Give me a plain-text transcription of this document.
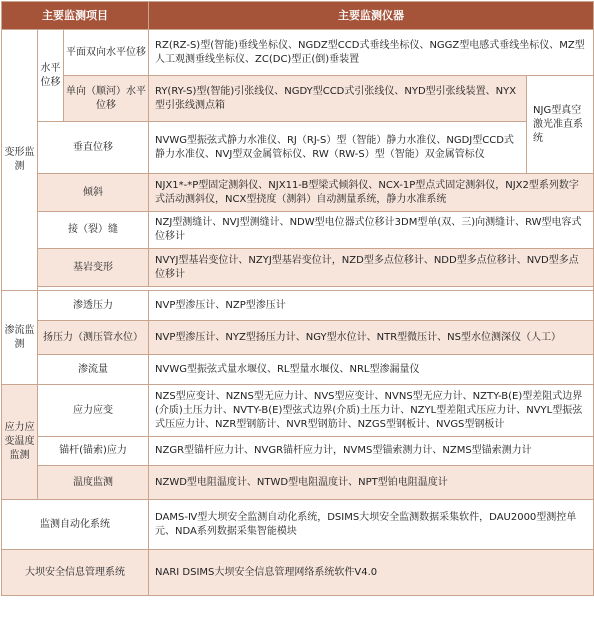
主要监测项目			主要监测仪器	
变形监测	水平位移	平面双向水平位移	RZ(RZ-S)型(智能)垂线坐标仪、NGDZ型CCD式垂线坐标仪、NGGZ型电感式垂线坐标仪、MZ型人工观测垂线坐标仪、ZC(DC)型正(倒)垂装置	
		单向（顺河）水平位移	RY(RY-S)型(智能)引张线仪、NGDY型CCD式引张线仪、NYD型引张线装置、NYX型引张线测点箱	NJG型真空激光准直系统
	垂直位移		NVWG型振弦式静力水准仪、RJ（RJ-S）型（智能）静力水准仪、NGDJ型CCD式静力水准仪、NVJ型双金属管标仪、RW（RW-S）型（智能）双金属管标仪	
	倾斜		NJX1*-*P型固定测斜仪、NJX11-B型梁式倾斜仪、NCX-1P型点式固定测斜仪，NJX2型系列数字式活动测斜仪，NCX型挠度（测斜）自动测量系统，静力水准系统	
	接（裂）缝		NZJ型测缝计、NVJ型测缝计、NDW型电位器式位移计3DM型单(双、三)向测缝计、RW型电容式位移计	
	基岩变形		NVYJ型基岩变位计、NZYJ型基岩变位计，NZD型多点位移计、NDD型多点位移计、NVD型多点位移计	

渗流监测	渗透压力		NVP型渗压计、NZP型渗压计	
	扬压力（测压管水位）		NVP型渗压计、NYZ型扬压力计、NGY型水位计、NTR型微压计、NS型水位测深仪（人工）	
	渗流量		NVWG型振弦式量水堰仪、RL型量水堰仪、NRL型渗漏量仪	
应力应变温度监测	应力应变		NZS型应变计、NZNS型无应力计、NVS型应变计、NVNS型无应力计、NZTY-B(E)型差阻式边界(介质)土压力计、NVTY-B(E)型弦式边界(介质)土压力计、NZYL型差阻式压应力计、NVYL型振弦式压应力计、NZR型钢筋计、NVR型钢筋计、NZGS型钢板计、NVGS型钢板计	
	锚杆(锚索)应力		NZGR型锚杆应力计、NVGR锚杆应力计，NVMS型锚索测力计、NZMS型锚索测力计	
	温度监测		NZWD型电阻温度计、NTWD型电阻温度计、NPT型铂电阻温度计	
监测自动化系统			DAMS-Ⅳ型大坝安全监测自动化系统，DSIMS大坝安全监测数据采集软件，DAU2000型测控单元、NDA系列数据采集智能模块	
大坝安全信息管理系统			NARI DSIMS大坝安全信息管理网络系统软件V4.0	
